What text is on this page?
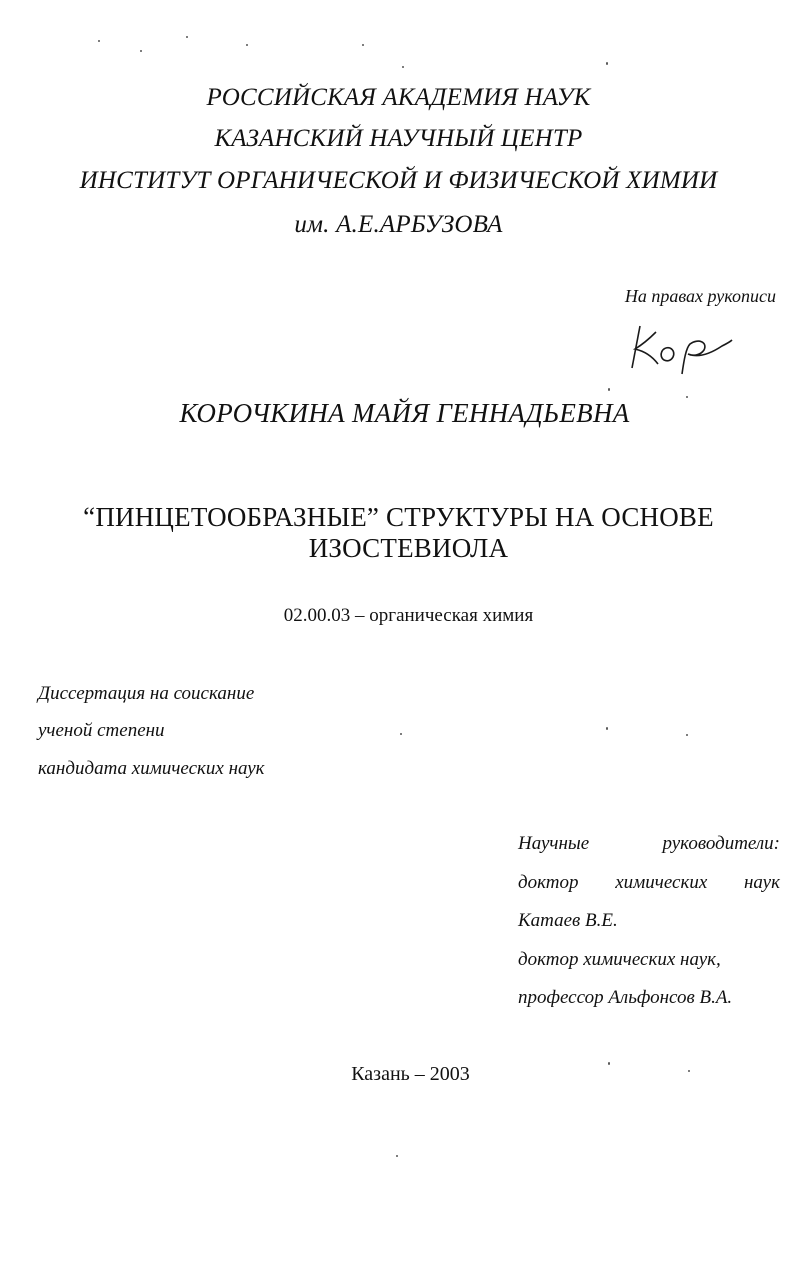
РОССИЙСКАЯ АКАДЕМИЯ НАУК
КАЗАНСКИЙ НАУЧНЫЙ ЦЕНТР
ИНСТИТУТ ОРГАНИЧЕСКОЙ И ФИЗИЧЕСКОЙ ХИМИИ
им. А.Е.АРБУЗОВА
На правах рукописи
КОРОЧКИНА МАЙЯ ГЕННАДЬЕВНА
“ПИНЦЕТООБРАЗНЫЕ” СТРУКТУРЫ НА ОСНОВЕ
ИЗОСТЕВИОЛА
02.00.03 – органическая химия
Диссертация на соискание
ученой степени
кандидата химических наук
Научные	руководители:
доктор химических наук
Катаев В.Е.
доктор химических наук,
профессор Альфонсов В.А.
Казань – 2003
